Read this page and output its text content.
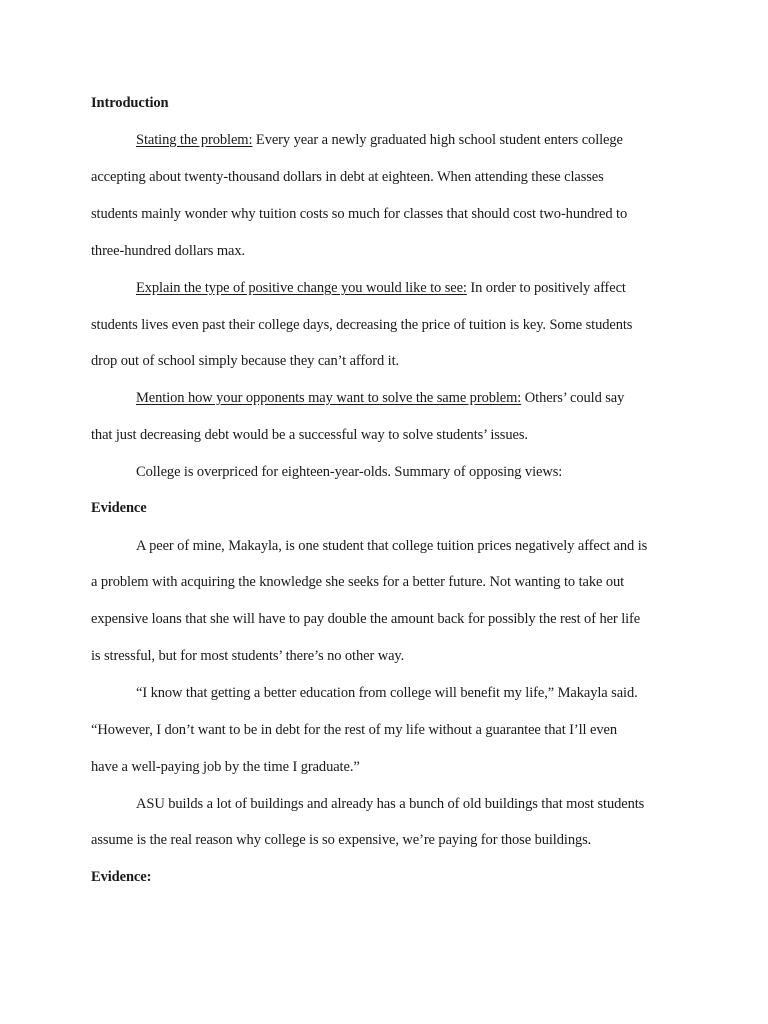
Introduction
Stating the problem: Every year a newly graduated high school student enters college
accepting about twenty-thousand dollars in debt at eighteen. When attending these classes
students mainly wonder why tuition costs so much for classes that should cost two-hundred to
three-hundred dollars max.
Explain the type of positive change you would like to see: In order to positively affect
students lives even past their college days, decreasing the price of tuition is key. Some students
drop out of school simply because they can’t afford it.
Mention how your opponents may want to solve the same problem: Others’ could say
that just decreasing debt would be a successful way to solve students’ issues.
College is overpriced for eighteen-year-olds. Summary of opposing views:
Evidence
A peer of mine, Makayla, is one student that college tuition prices negatively affect and is
a problem with acquiring the knowledge she seeks for a better future. Not wanting to take out
expensive loans that she will have to pay double the amount back for possibly the rest of her life
is stressful, but for most students’ there’s no other way.
“I know that getting a better education from college will benefit my life,” Makayla said.
“However, I don’t want to be in debt for the rest of my life without a guarantee that I’ll even
have a well-paying job by the time I graduate.”
ASU builds a lot of buildings and already has a bunch of old buildings that most students
assume is the real reason why college is so expensive, we’re paying for those buildings.
Evidence:
